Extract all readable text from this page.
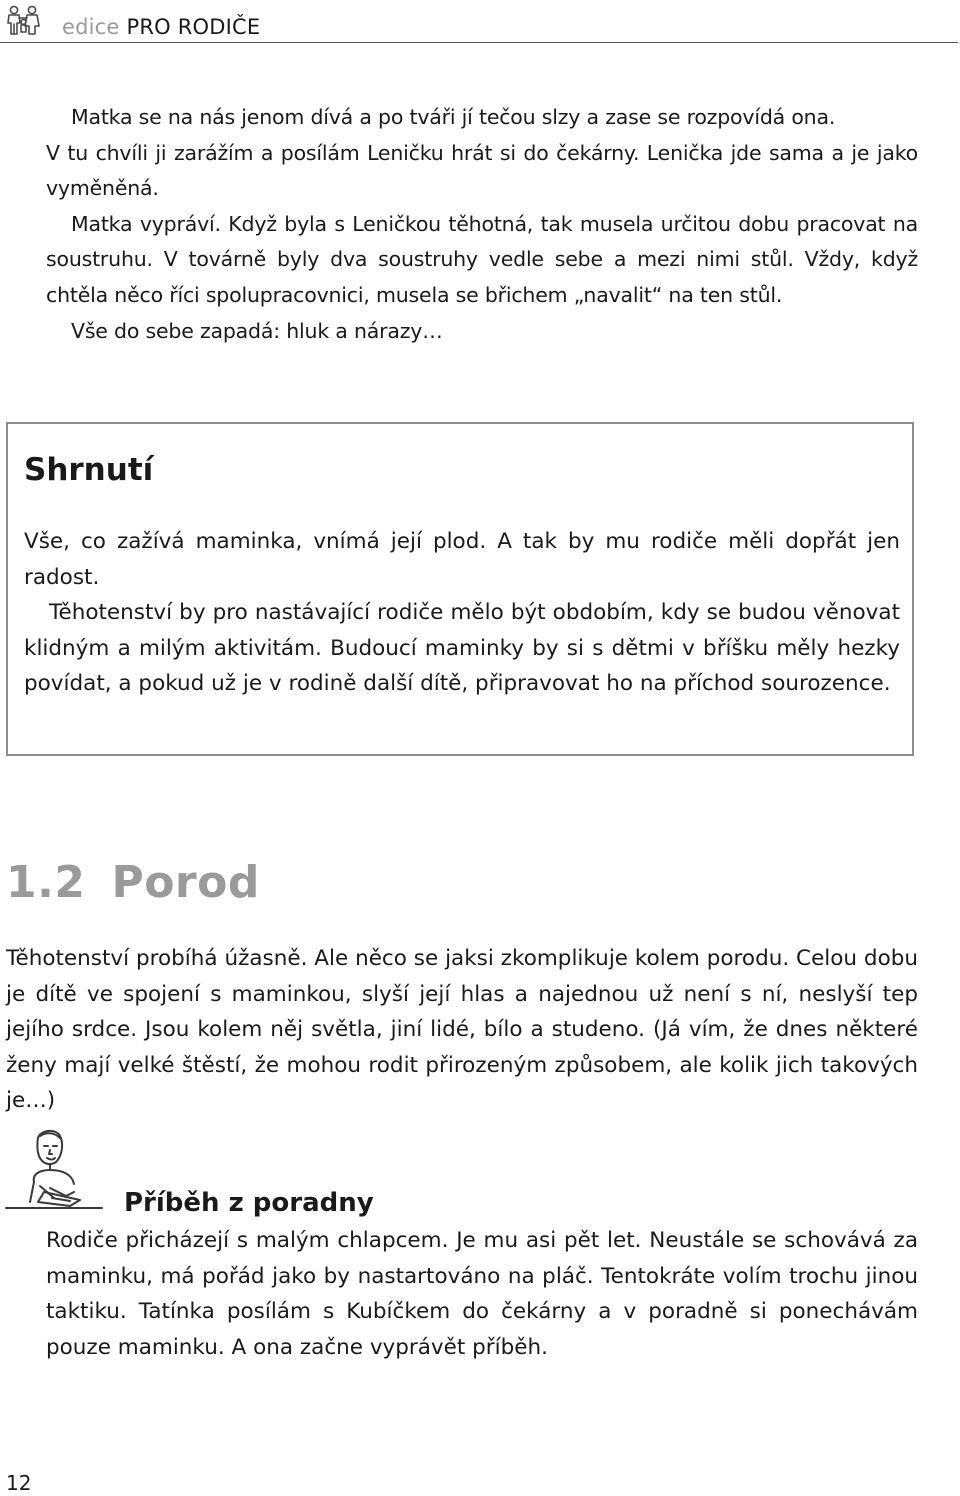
edice PRO RODIČE

Matka se na nás jenom dívá a po tváři jí tečou slzy a zase se rozpovídá ona.

V tu chvíli ji zarážím a posílám Leničku hrát si do čekárny. Lenička jde sama a je jako vyměněná.

Matka vypráví. Když byla s Leničkou těhotná, tak musela určitou dobu pracovat na soustruhu. V továrně byly dva soustruhy vedle sebe a mezi nimi stůl. Vždy, když chtěla něco říci spolupracovnici, musela se břichem „navalit“ na ten stůl.

Vše do sebe zapadá: hluk a nárazy…

Shrnutí

Vše, co zažívá maminka, vnímá její plod. A tak by mu rodiče měli dopřát jen radost.

Těhotenství by pro nastávající rodiče mělo být obdobím, kdy se budou věnovat klidným a milým aktivitám. Budoucí maminky by si s dětmi v bříšku měly hezky povídat, a pokud už je v rodině další dítě, připravovat ho na příchod sourozence.

1.2 Porod

Těhotenství probíhá úžasně. Ale něco se jaksi zkomplikuje kolem porodu. Celou dobu je dítě ve spojení s maminkou, slyší její hlas a najednou už není s ní, neslyší tep jejího srdce. Jsou kolem něj světla, jiní lidé, bílo a studeno. (Já vím, že dnes některé ženy mají velké štěstí, že mohou rodit přirozeným způsobem, ale kolik jich takových je…)

Příběh z poradny

Rodiče přicházejí s malým chlapcem. Je mu asi pět let. Neustále se schovává za maminku, má pořád jako by nastartováno na pláč. Tentokráte volím trochu jinou taktiku. Tatínka posílám s Kubíčkem do čekárny a v poradně si ponechávám pouze maminku. A ona začne vyprávět příběh.

12
